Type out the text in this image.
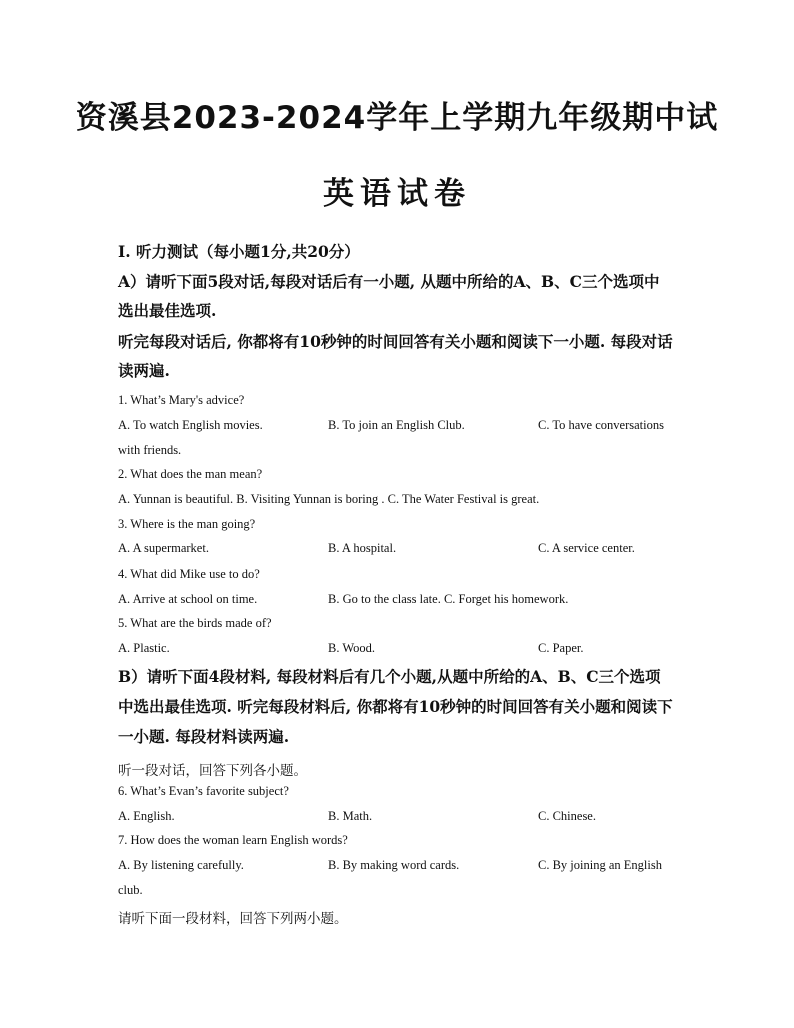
资溪县2023-2024学年上学期九年级期中试
英语试卷
I. 听力测试（每小题1分,共20分）
A）请听下面5段对话,每段对话后有一小题, 从题中所给的A、B、C三个选项中
选出最佳选项.
听完每段对话后, 你都将有10秒钟的时间回答有关小题和阅读下一小题. 每段对话
读两遍.
1. What’s Mary's advice?
A. To watch English movies.	B. To join an English Club.	C. To have conversations
with friends.
2. What does the man mean?
A. Yunnan is beautiful. B. Visiting Yunnan is boring . C. The Water Festival is great.
3. Where is the man going?
A. A supermarket.	B. A hospital.	C. A service center.
4. What did Mike use to do?
A. Arrive at school on time.	B. Go to the class late. C. Forget his homework.
5. What are the birds made of?
A. Plastic.	B. Wood.	C. Paper.
B）请听下面4段材料, 每段材料后有几个小题,从题中所给的A、B、C三个选项
中选出最佳选项. 听完每段材料后, 你都将有10秒钟的时间回答有关小题和阅读下
一小题. 每段材料读两遍.
听一段对话，回答下列各小题。
6. What’s Evan’s favorite subject?
A. English.	B. Math.	C. Chinese.
7. How does the woman learn English words?
A. By listening carefully.	B. By making word cards.	C. By joining an English
club.
请听下面一段材料，回答下列两小题。
